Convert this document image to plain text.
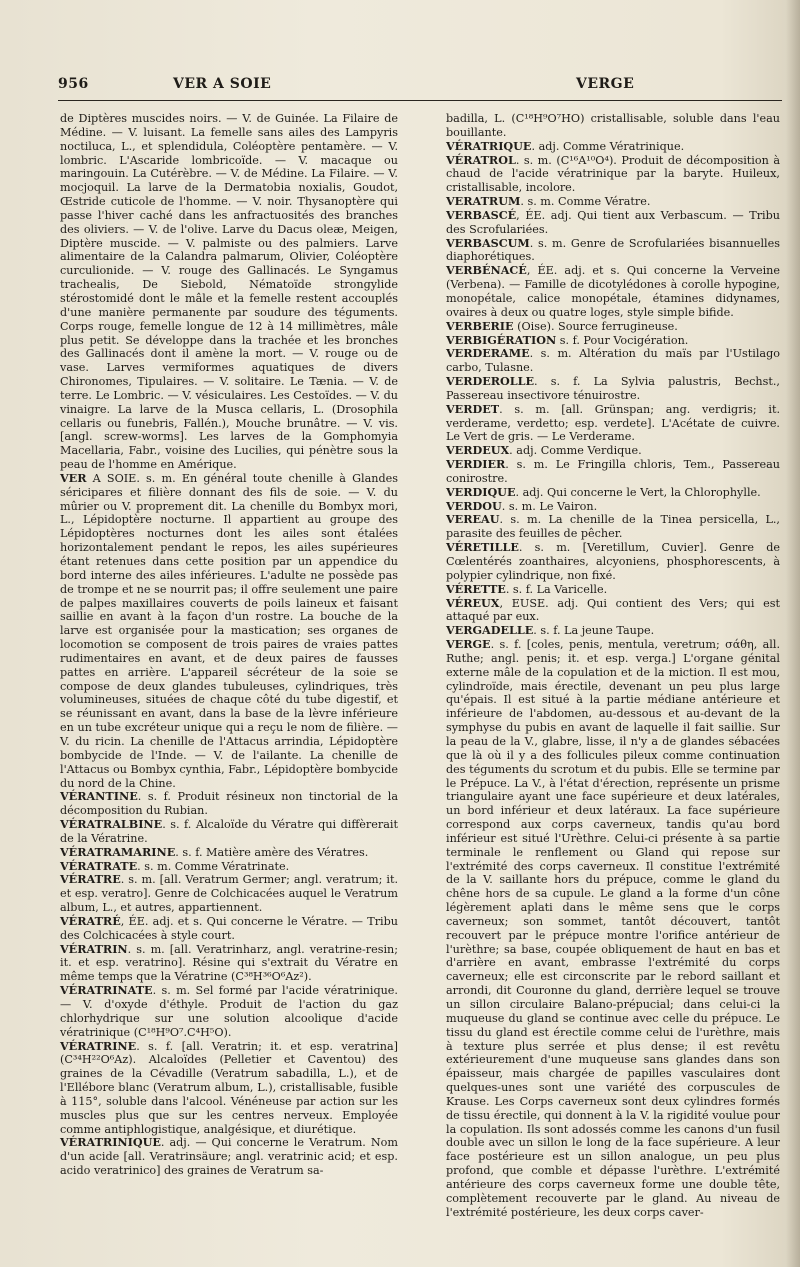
956	VER A SOIE	VERGE

de Diptères muscides noirs. — V. de Guinée. La Filaire de Médine. — V. luisant. La femelle sans ailes des Lampyris noctiluca, L., et splendidula, Coléoptère pentamère. — V. lombric. L'Ascaride lombricoïde. — V. macaque ou maringouin. La Cutérèbre. — V. de Médine. La Filaire. — V. mocjoquil. La larve de la Dermatobia noxialis, Goudot, Œstride cuticole de l'homme. — V. noir. Thysanoptère qui passe l'hiver caché dans les anfractuosités des branches des oliviers. — V. de l'olive. Larve du Dacus oleæ, Meigen, Diptère muscide. — V. palmiste ou des palmiers. Larve alimentaire de la Calandra palmarum, Olivier, Coléoptère curculionide. — V. rouge des Gallinacés. Le Syngamus trachealis, De Siebold, Nématoïde strongylide stérostomidé dont le mâle et la femelle restent accouplés d'une manière permanente par soudure des téguments. Corps rouge, femelle longue de 12 à 14 millimètres, mâle plus petit. Se développe dans la trachée et les bronches des Gallinacés dont il amène la mort. — V. rouge ou de vase. Larves vermiformes aquatiques de divers Chironomes, Tipulaires. — V. solitaire. Le Tænia. — V. de terre. Le Lombric. — V. vésiculaires. Les Cestoïdes. — V. du vinaigre. La larve de la Musca cellaris, L. (Drosophila cellaris ou funebris, Fallén.), Mouche brunâtre. — V. vis. [angl. screw-worms]. Les larves de la Gomphomyia Macellaria, Fabr., voisine des Lucilies, qui pénètre sous la peau de l'homme en Amérique.

VER A SOIE. s. m. En général toute chenille à Glandes séricipares et filière donnant des fils de soie. — V. du mûrier ou V. proprement dit. La chenille du Bombyx mori, L., Lépidoptère nocturne. Il appartient au groupe des Lépidoptères nocturnes dont les ailes sont étalées horizontalement pendant le repos, les ailes supérieures étant retenues dans cette position par un appendice du bord interne des ailes inférieures. L'adulte ne possède pas de trompe et ne se nourrit pas; il offre seulement une paire de palpes maxillaires couverts de poils laineux et faisant saillie en avant à la façon d'un rostre. La bouche de la larve est organisée pour la mastication; ses organes de locomotion se composent de trois paires de vraies pattes rudimentaires en avant, et de deux paires de fausses pattes en arrière. L'appareil sécréteur de la soie se compose de deux glandes tubuleuses, cylindriques, très volumineuses, situées de chaque côté du tube digestif, et se réunissant en avant, dans la base de la lèvre inférieure en un tube excréteur unique qui a reçu le nom de filière. — V. du ricin. La chenille de l'Attacus arrindia, Lépidoptère bombycide de l'Inde. — V. de l'ailante. La chenille de l'Attacus ou Bombyx cynthia, Fabr., Lépidoptère bombycide du nord de la Chine.

VÉRANTINE. s. f. Produit résineux non tinctorial de la décomposition du Rubian.

VÉRATRALBINE. s. f. Alcaloïde du Vératre qui diffèrerait de la Vératrine.

VÉRATRAMARINE. s. f. Matière amère des Vératres.

VÉRATRATE. s. m. Comme Vératrinate.

VÉRATRE. s. m. [all. Veratrum Germer; angl. veratrum; it. et esp. veratro]. Genre de Colchicacées auquel le Veratrum album, L., et autres, appartiennent.

VÉRATRÉ, ÉE. adj. et s. Qui concerne le Vératre. — Tribu des Colchicacées à style court.

VÉRATRIN. s. m. [all. Veratrinharz, angl. veratrine-resin; it. et esp. veratrino]. Résine qui s'extrait du Vératre en même temps que la Vératrine (C³⁸H³⁶O⁶Az²).

VÉRATRINATE. s. m. Sel formé par l'acide vératrinique. — V. d'oxyde d'éthyle. Produit de l'action du gaz chlorhydrique sur une solution alcoolique d'acide vératrinique (C¹⁸H⁹O⁷.C⁴H⁵O).

VÉRATRINE. s. f. [all. Veratrin; it. et esp. veratrina] (C³⁴H²²O⁶Az). Alcaloïdes (Pelletier et Caventou) des graines de la Cévadille (Veratrum sabadilla, L.), et de l'Ellébore blanc (Veratrum album, L.), cristallisable, fusible à 115°, soluble dans l'alcool. Vénéneuse par action sur les muscles plus que sur les centres nerveux. Employée comme antiphlogistique, analgésique, et diurétique.

VÉRATRINIQUE. adj. — Qui concerne le Veratrum. Nom d'un acide [all. Veratrinsäure; angl. veratrinic acid; et esp. acido veratrinico] des graines de Veratrum sa-

badilla, L. (C¹⁸H⁹O⁷HO) cristallisable, soluble dans l'eau bouillante.

VÉRATRIQUE. adj. Comme Vératrinique.

VÉRATROL. s. m. (C¹⁶A¹⁰O⁴). Produit de décomposition à chaud de l'acide vératrinique par la baryte. Huileux, cristallisable, incolore.

VERATRUM. s. m. Comme Vératre.

VERBASCÉ, ÉE. adj. Qui tient aux Verbascum. — Tribu des Scrofulariées.

VERBASCUM. s. m. Genre de Scrofulariées bisannuelles diaphorétiques.

VERBÉNACÉ, ÉE. adj. et s. Qui concerne la Verveine (Verbena). — Famille de dicotylédones à corolle hypogine, monopétale, calice monopétale, étamines didynames, ovaires à deux ou quatre loges, style simple bifide.

VERBERIE (Oise). Source ferrugineuse.

VERBIGÉRATION s. f. Pour Vocigération.

VERDERAME. s. m. Altération du maïs par l'Ustilago carbo, Tulasne.

VERDEROLLE. s. f. La Sylvia palustris, Bechst., Passereau insectivore ténuirostre.

VERDET. s. m. [all. Grünspan; ang. verdigris; it. verderame, verdetto; esp. verdete]. L'Acétate de cuivre. Le Vert de gris. — Le Verderame.

VERDEUX. adj. Comme Verdique.

VERDIER. s. m. Le Fringilla chloris, Tem., Passereau conirostre.

VERDIQUE. adj. Qui concerne le Vert, la Chlorophylle.

VERDOU. s. m. Le Vairon.

VEREAU. s. m. La chenille de la Tinea persicella, L., parasite des feuilles de pêcher.

VÉRETILLE. s. m. [Veretillum, Cuvier]. Genre de Cœlentérés zoanthaires, alcyoniens, phosphorescents, à polypier cylindrique, non fixé.

VÉRETTE. s. f. La Varicelle.

VÉREUX, EUSE. adj. Qui contient des Vers; qui est attaqué par eux.

VERGADELLE. s. f. La jeune Taupe.

VERGE. s. f. [coles, penis, mentula, veretrum; σάθη, all. Ruthe; angl. penis; it. et esp. verga.] L'organe génital externe mâle de la copulation et de la miction. Il est mou, cylindroïde, mais érectile, devenant un peu plus large qu'épais. Il est situé à la partie médiane antérieure et inférieure de l'abdomen, au-dessous et au-devant de la symphyse du pubis en avant de laquelle il fait saillie. Sur la peau de la V., glabre, lisse, il n'y a de glandes sébacées que là où il y a des follicules pileux comme continuation des téguments du scrotum et du pubis. Elle se termine par le Prépuce. La V., à l'état d'érection, représente un prisme triangulaire ayant une face supérieure et deux latérales, un bord inférieur et deux latéraux. La face supérieure correspond aux corps caverneux, tandis qu'au bord inférieur est situé l'Urèthre. Celui-ci présente à sa partie terminale le renflement ou Gland qui repose sur l'extrémité des corps caverneux. Il constitue l'extrémité de la V. saillante hors du prépuce, comme le gland du chêne hors de sa cupule. Le gland a la forme d'un cône légèrement aplati dans le même sens que le corps caverneux; son sommet, tantôt découvert, tantôt recouvert par le prépuce montre l'orifice antérieur de l'urèthre; sa base, coupée obliquement de haut en bas et d'arrière en avant, embrasse l'extrémité du corps caverneux; elle est circonscrite par le rebord saillant et arrondi, dit Couronne du gland, derrière lequel se trouve un sillon circulaire Balano-prépucial; dans celui-ci la muqueuse du gland se continue avec celle du prépuce. Le tissu du gland est érectile comme celui de l'urèthre, mais à texture plus serrée et plus dense; il est revêtu extérieurement d'une muqueuse sans glandes dans son épaisseur, mais chargée de papilles vasculaires dont quelques-unes sont une variété des corpuscules de Krause. Les Corps caverneux sont deux cylindres formés de tissu érectile, qui donnent à la V. la rigidité voulue pour la copulation. Ils sont adossés comme les canons d'un fusil double avec un sillon le long de la face supérieure. A leur face postérieure est un sillon analogue, un peu plus profond, que comble et dépasse l'urèthre. L'extrémité antérieure des corps caverneux forme une double tête, complètement recouverte par le gland. Au niveau de l'extrémité postérieure, les deux corps caver-
